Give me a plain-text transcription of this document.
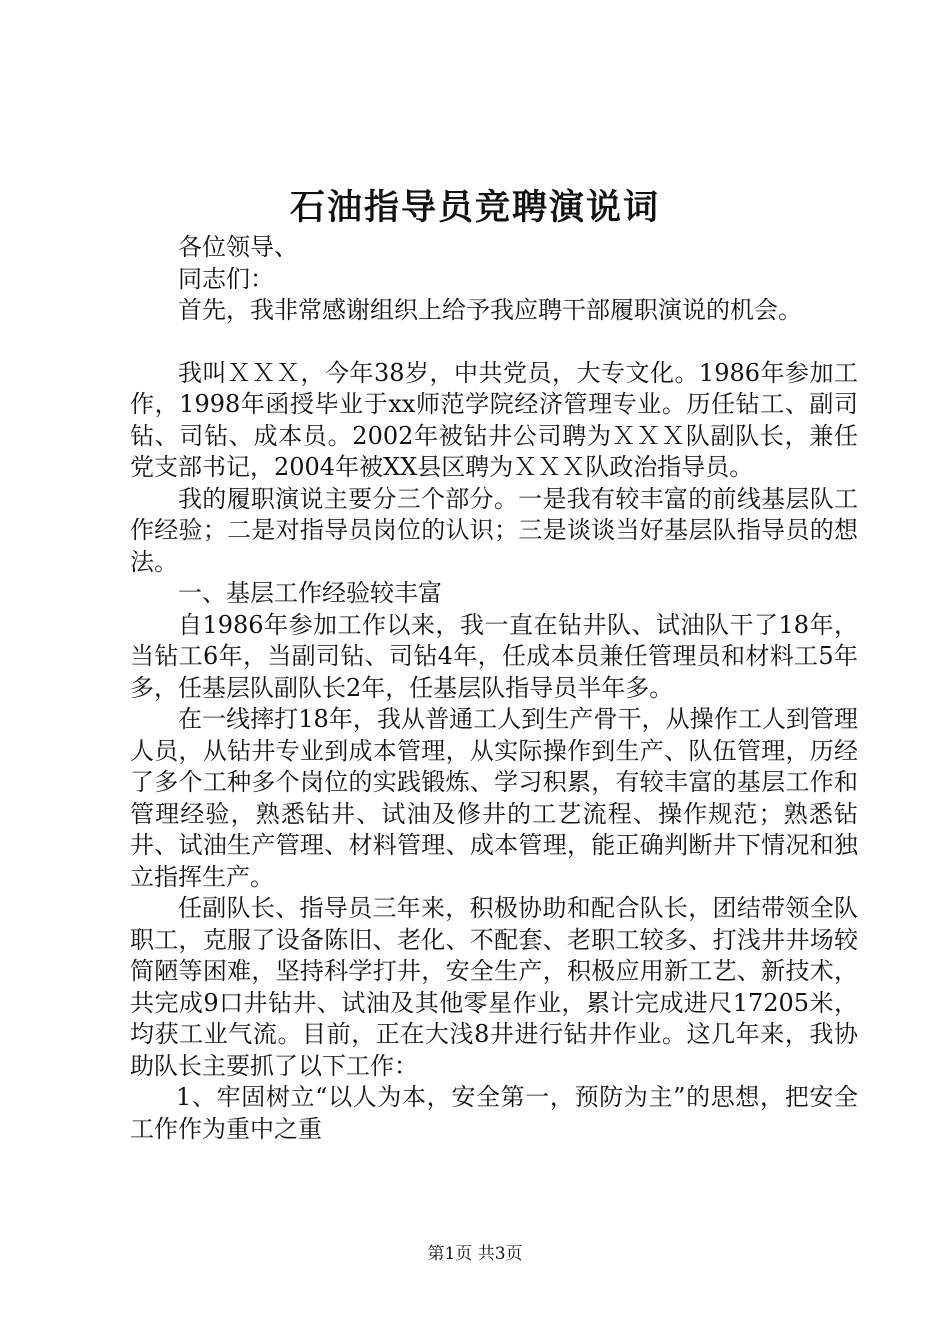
石油指导员竞聘演说词

各位领导、

同志们：

首先，我非常感谢组织上给予我应聘干部履职演说的机会。

我叫ＸＸＸ，今年38岁，中共党员，大专文化。1986年参加工作，1998年函授毕业于xx师范学院经济管理专业。历任钻工、副司钻、司钻、成本员。2002年被钻井公司聘为ＸＸＸ队副队长，兼任党支部书记，2004年被XX县区聘为ＸＸＸ队政治指导员。

我的履职演说主要分三个部分。一是我有较丰富的前线基层队工作经验；二是对指导员岗位的认识；三是谈谈当好基层队指导员的想法。

一、基层工作经验较丰富

自1986年参加工作以来，我一直在钻井队、试油队干了18年，当钻工6年，当副司钻、司钻4年，任成本员兼任管理员和材料工5年多，任基层队副队长2年，任基层队指导员半年多。

在一线摔打18年，我从普通工人到生产骨干，从操作工人到管理人员，从钻井专业到成本管理，从实际操作到生产、队伍管理，历经了多个工种多个岗位的实践锻炼、学习积累，有较丰富的基层工作和管理经验，熟悉钻井、试油及修井的工艺流程、操作规范；熟悉钻井、试油生产管理、材料管理、成本管理，能正确判断井下情况和独立指挥生产。

任副队长、指导员三年来，积极协助和配合队长，团结带领全队职工，克服了设备陈旧、老化、不配套、老职工较多、打浅井井场较简陋等困难，坚持科学打井，安全生产，积极应用新工艺、新技术，共完成9口井钻井、试油及其他零星作业，累计完成进尺17205米，均获工业气流。目前，正在大浅8井进行钻井作业。这几年来，我协助队长主要抓了以下工作：

1、牢固树立“以人为本，安全第一，预防为主”的思想，把安全工作作为重中之重

第1页 共3页
